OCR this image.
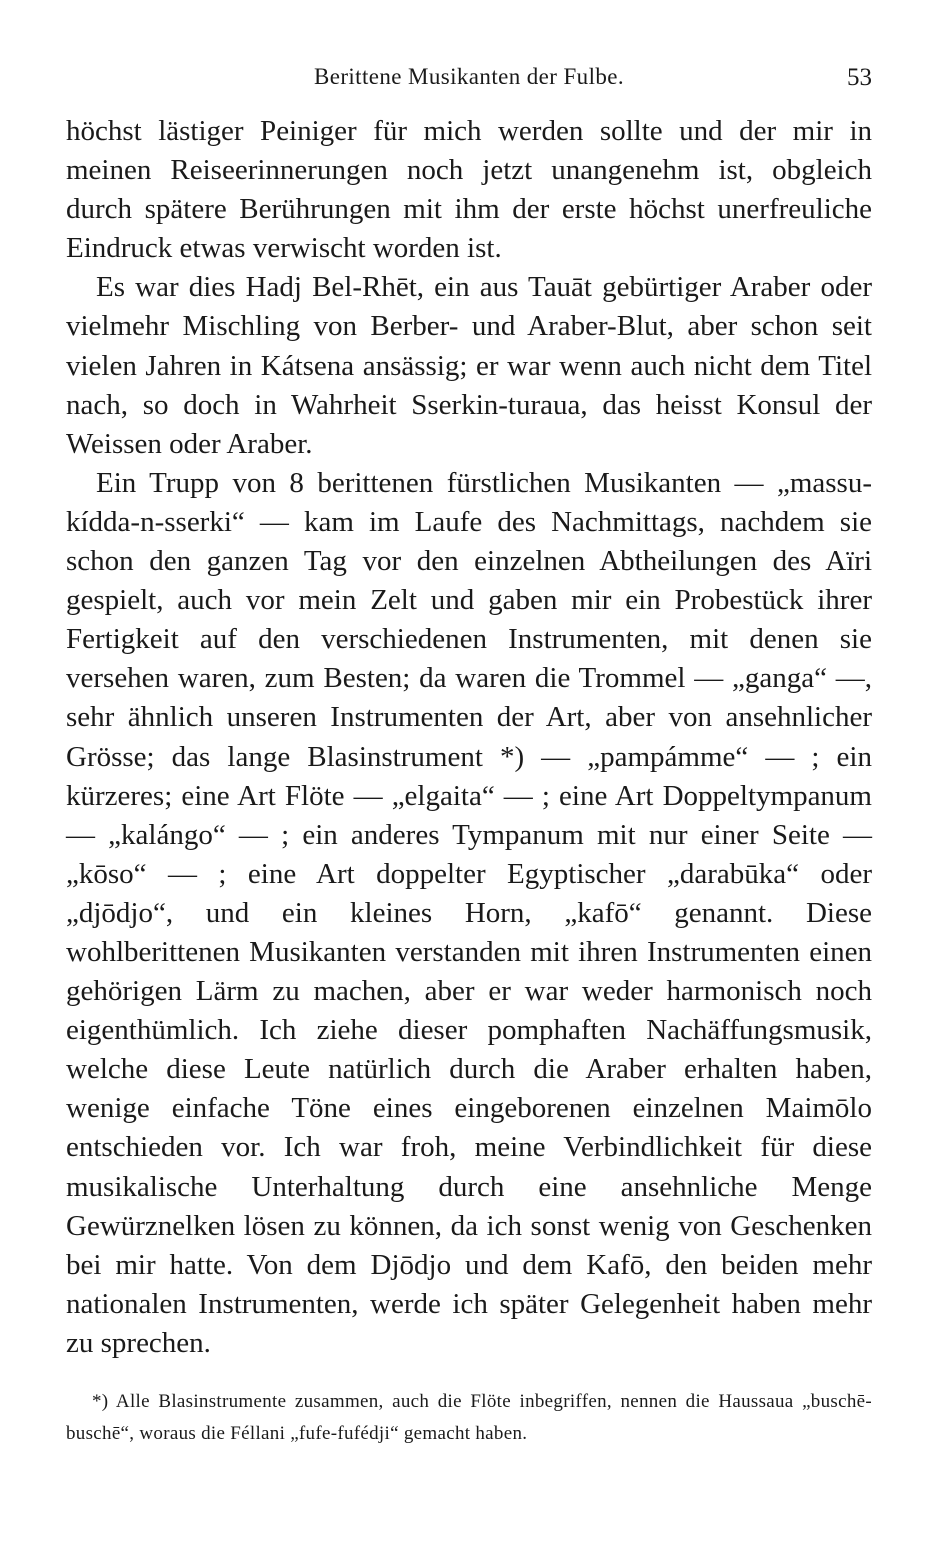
Berittene Musikanten der Fulbe.	53

höchst lästiger Peiniger für mich werden sollte und der mir in meinen Reiseerinnerungen noch jetzt unangenehm ist, obgleich durch spätere Berührungen mit ihm der erste höchst unerfreuliche Eindruck etwas verwischt worden ist.

Es war dies Hadj Bel-Rhēt, ein aus Tauāt gebürtiger Araber oder vielmehr Mischling von Berber- und Araber-Blut, aber schon seit vielen Jahren in Kátsena ansässig; er war wenn auch nicht dem Titel nach, so doch in Wahrheit Sserkin-turaua, das heisst Konsul der Weissen oder Araber.

Ein Trupp von 8 berittenen fürstlichen Musikanten — „massu-kídda-n-sserki“ — kam im Laufe des Nachmittags, nachdem sie schon den ganzen Tag vor den einzelnen Abtheilungen des Aïri gespielt, auch vor mein Zelt und gaben mir ein Probestück ihrer Fertigkeit auf den verschiedenen Instrumenten, mit denen sie versehen waren, zum Besten; da waren die Trommel — „ganga“ —, sehr ähnlich unseren Instrumenten der Art, aber von ansehnlicher Grösse; das lange Blasinstrument *) — „pampámme“ — ; ein kürzeres; eine Art Flöte — „elgaita“ — ; eine Art Doppeltympanum — „kalángo“ — ; ein anderes Tympanum mit nur einer Seite — „kōso“ — ; eine Art doppelter Egyptischer „darabūka“ oder „djōdjo“, und ein kleines Horn, „kafō“ genannt. Diese wohlberittenen Musikanten verstanden mit ihren Instrumenten einen gehörigen Lärm zu machen, aber er war weder harmonisch noch eigenthümlich. Ich ziehe dieser pomphaften Nachäffungsmusik, welche diese Leute natürlich durch die Araber erhalten haben, wenige einfache Töne eines eingeborenen einzelnen Maimōlo entschieden vor. Ich war froh, meine Verbindlichkeit für diese musikalische Unterhaltung durch eine ansehnliche Menge Gewürznelken lösen zu können, da ich sonst wenig von Geschenken bei mir hatte. Von dem Djōdjo und dem Kafō, den beiden mehr nationalen Instrumenten, werde ich später Gelegenheit haben mehr zu sprechen.

*) Alle Blasinstrumente zusammen, auch die Flöte inbegriffen, nennen die Haussaua „buschē-buschē“, woraus die Féllani „fufe-fufédji“ gemacht haben.
